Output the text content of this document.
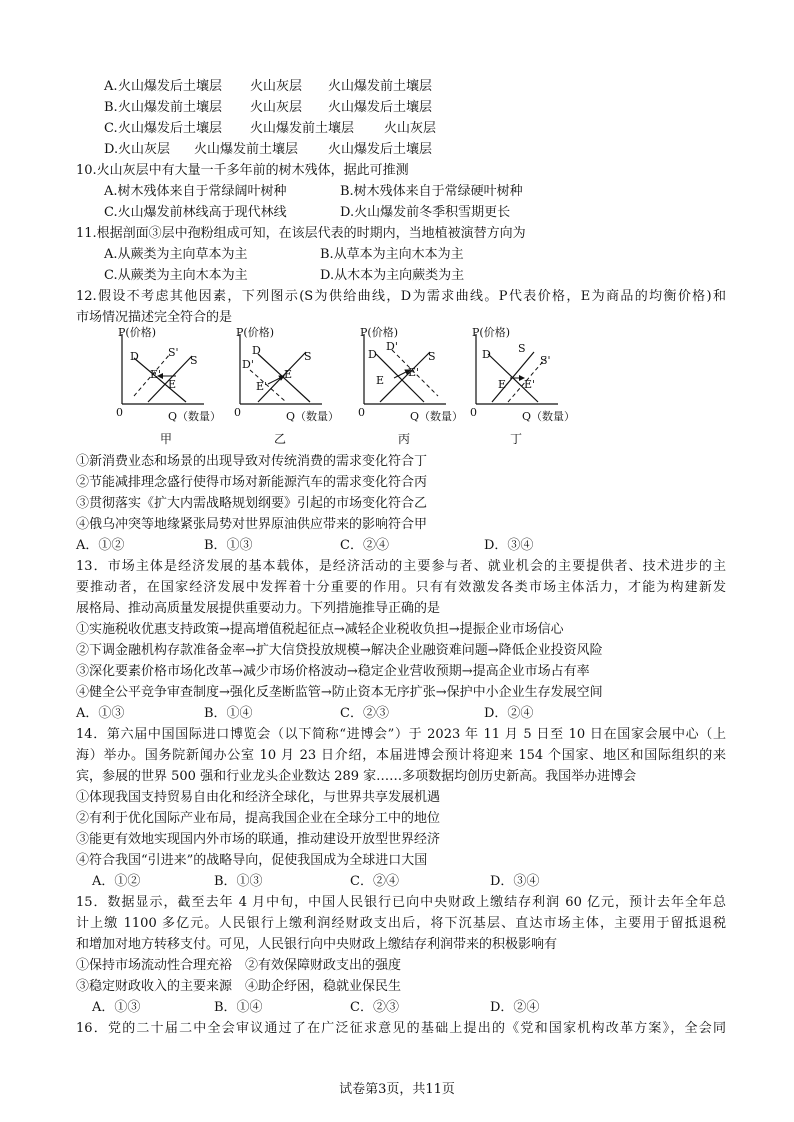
A. 火山爆发后土壤层 火山灰层 火山爆发前土壤层
B. 火山爆发前土壤层 火山灰层 火山爆发后土壤层
C. 火山爆发后土壤层 火山爆发前土壤层 火山灰层
D. 火山灰层 火山爆发前土壤层 火山爆发后土壤层
10.火山灰层中有大量一千多年前的树木残体，据此可推测
A.树木残体来自于常绿阔叶树种	B.树木残体来自于常绿硬叶树种
C.火山爆发前林线高于现代林线	D.火山爆发前冬季积雪期更长
11.根据剖面③层中孢粉组成可知，在该层代表的时期内，当地植被演替方向为
A.从蕨类为主向草本为主	B.从草本为主向木本为主
C.从蕨类为主向木本为主	D.从木本为主向蕨类为主
12.假设不考虑其他因素，下列图示(S为供给曲线，D为需求曲线。P代表价格，E为商品的均衡价格)和
市场情况描述完全符合的是
P(价格)
D	S'
S
E'
E
0	Q（数量）
甲
P(价格)
D
D'
S
E'
E
0	Q（数量）
乙
P(价格)
D
D'
S
E
E'
0	Q（数量）
丙
P(价格)
D S
S'
E E'
0	Q（数量）
丁
①新消费业态和场景的出现导致对传统消费的需求变化符合丁
②节能减排理念盛行使得市场对新能源汽车的需求变化符合丙
③贯彻落实《扩大内需战略规划纲要》引起的市场变化符合乙
④俄乌冲突等地缘紧张局势对世界原油供应带来的影响符合甲
A．①②	B．①③	C．②④	D．③④
13．市场主体是经济发展的基本载体，是经济活动的主要参与者、就业机会的主要提供者、技术进步的主
要推动者，在国家经济发展中发挥着十分重要的作用。只有有效激发各类市场主体活力，才能为构建新发
展格局、推动高质量发展提供重要动力。下列措施推导正确的是
①实施税收优惠支持政策→提高增值税起征点→减轻企业税收负担→提振企业市场信心
②下调金融机构存款准备金率→扩大信贷投放规模→解决企业融资难问题→降低企业投资风险
③深化要素价格市场化改革→减少市场价格波动→稳定企业营收预期→提高企业市场占有率
④健全公平竞争审查制度→强化反垄断监管→防止资本无序扩张→保护中小企业生存发展空间
A．①③	B．①④	C．②③	D．②④
14．第六届中国国际进口博览会（以下简称“进博会”）于 2023 年 11 月 5 日至 10 日在国家会展中心（上
海）举办。国务院新闻办公室 10 月 23 日介绍，本届进博会预计将迎来 154 个国家、地区和国际组织的来
宾，参展的世界 500 强和行业龙头企业数达 289 家……多项数据均创历史新高。我国举办进博会
①体现我国支持贸易自由化和经济全球化，与世界共享发展机遇
②有利于优化国际产业布局，提高我国企业在全球分工中的地位
③能更有效地实现国内外市场的联通，推动建设开放型世界经济
④符合我国“引进来”的战略导向，促使我国成为全球进口大国
A．①②	B．①③	C．②④	D．③④
15．数据显示，截至去年 4 月中旬，中国人民银行已向中央财政上缴结存利润 60 亿元，预计去年全年总
计上缴 1100 多亿元。人民银行上缴利润经财政支出后，将下沉基层、直达市场主体，主要用于留抵退税
和增加对地方转移支付。可见，人民银行向中央财政上缴结存利润带来的积极影响有
①保持市场流动性合理充裕　②有效保障财政支出的强度
③稳定财政收入的主要来源　④助企纾困，稳就业保民生
A．①③	B．①④	C．②③	D．②④
16．党的二十届二中全会审议通过了在广泛征求意见的基础上提出的《党和国家机构改革方案》，全会同
试卷第3页，共11页
